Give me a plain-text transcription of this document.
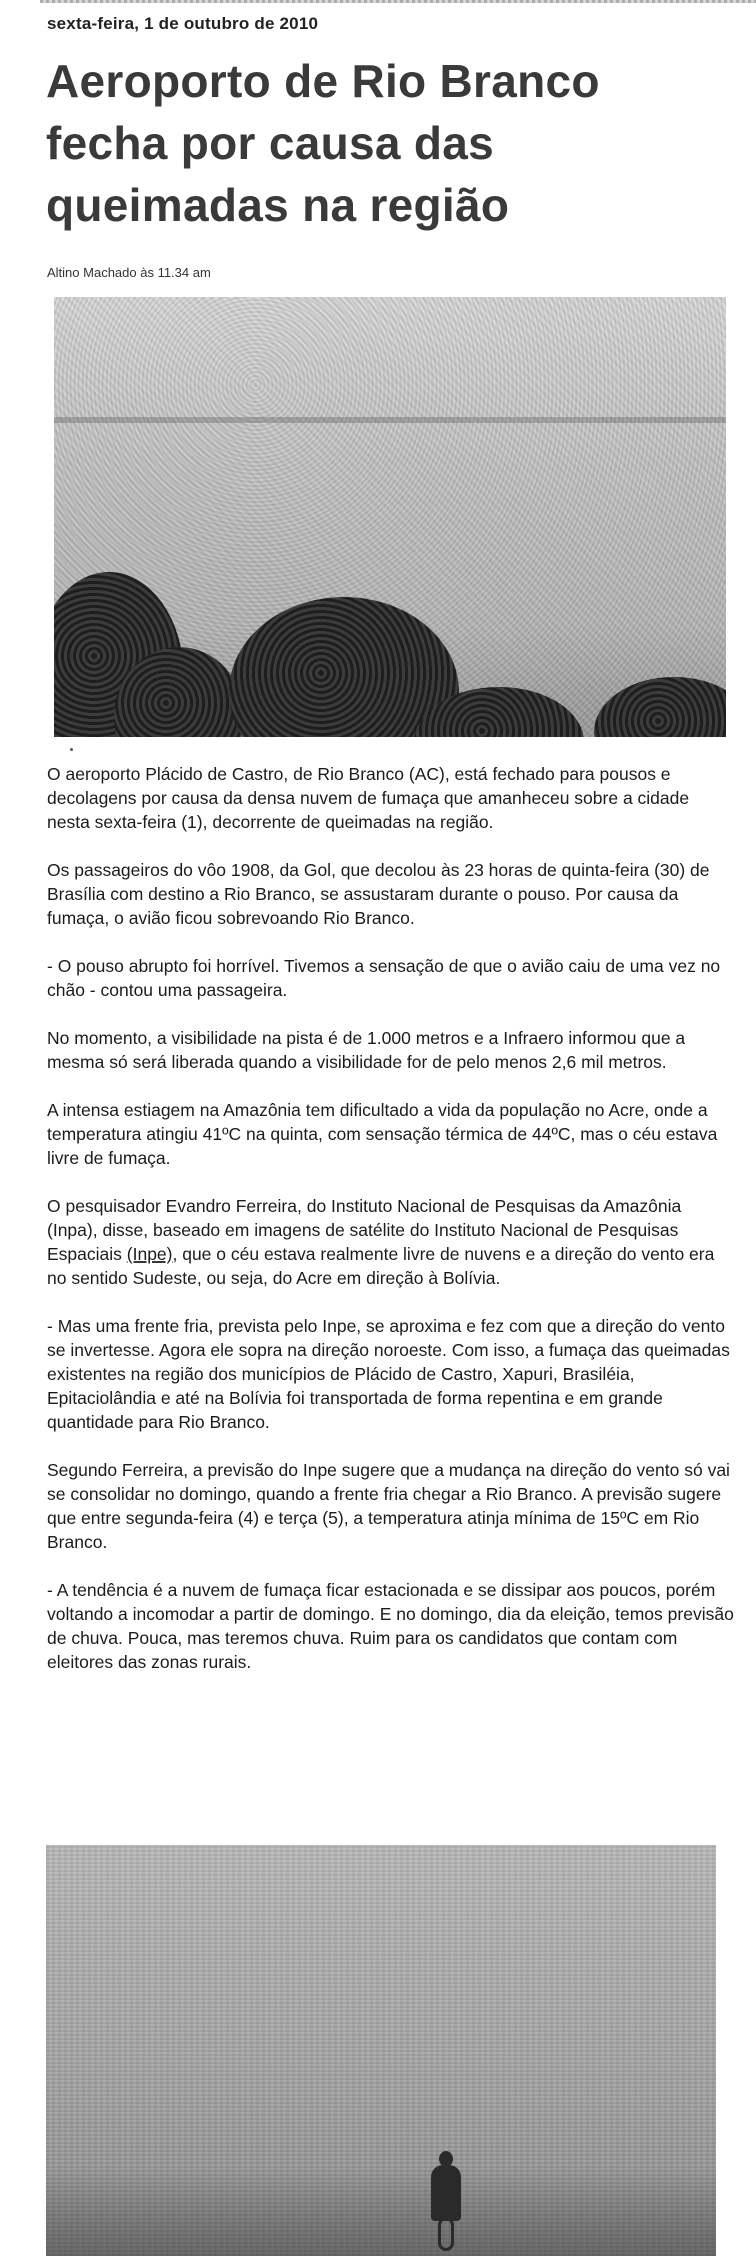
sexta-feira, 1 de outubro de 2010
Aeroporto de Rio Branco fecha por causa das queimadas na região
Altino Machado às 11.34 am

O aeroporto Plácido de Castro, de Rio Branco (AC), está fechado para pousos e decolagens por causa da densa nuvem de fumaça que amanheceu sobre a cidade nesta sexta-feira (1), decorrente de queimadas na região.

Os passageiros do vôo 1908, da Gol, que decolou às 23 horas de quinta-feira (30) de Brasília com destino a Rio Branco, se assustaram durante o pouso. Por causa da fumaça, o avião ficou sobrevoando Rio Branco.

- O pouso abrupto foi horrível. Tivemos a sensação de que o avião caiu de uma vez no chão - contou uma passageira.

No momento, a visibilidade na pista é de 1.000 metros e a Infraero informou que a mesma só será liberada quando a visibilidade for de pelo menos 2,6 mil metros.

A intensa estiagem na Amazônia tem dificultado a vida da população no Acre, onde a temperatura atingiu 41ºC na quinta, com sensação térmica de 44ºC, mas o céu estava livre de fumaça.

O pesquisador Evandro Ferreira, do Instituto Nacional de Pesquisas da Amazônia (Inpa), disse, baseado em imagens de satélite do Instituto Nacional de Pesquisas Espaciais (Inpe), que o céu estava realmente livre de nuvens e a direção do vento era no sentido Sudeste, ou seja, do Acre em direção à Bolívia.

- Mas uma frente fria, prevista pelo Inpe, se aproxima e fez com que a direção do vento se invertesse. Agora ele sopra na direção noroeste. Com isso, a fumaça das queimadas existentes na região dos municípios de Plácido de Castro, Xapuri, Brasiléia, Epitaciolândia e até na Bolívia foi transportada de forma repentina e em grande quantidade para Rio Branco.

Segundo Ferreira, a previsão do Inpe sugere que a mudança na direção do vento só vai se consolidar no domingo, quando a frente fria chegar a Rio Branco. A previsão sugere que entre segunda-feira (4) e terça (5), a temperatura atinja mínima de 15ºC em Rio Branco.

- A tendência é a nuvem de fumaça ficar estacionada e se dissipar aos poucos, porém voltando a incomodar a partir de domingo. E no domingo, dia da eleição, temos previsão de chuva. Pouca, mas teremos chuva. Ruim para os candidatos que contam com eleitores das zonas rurais.
